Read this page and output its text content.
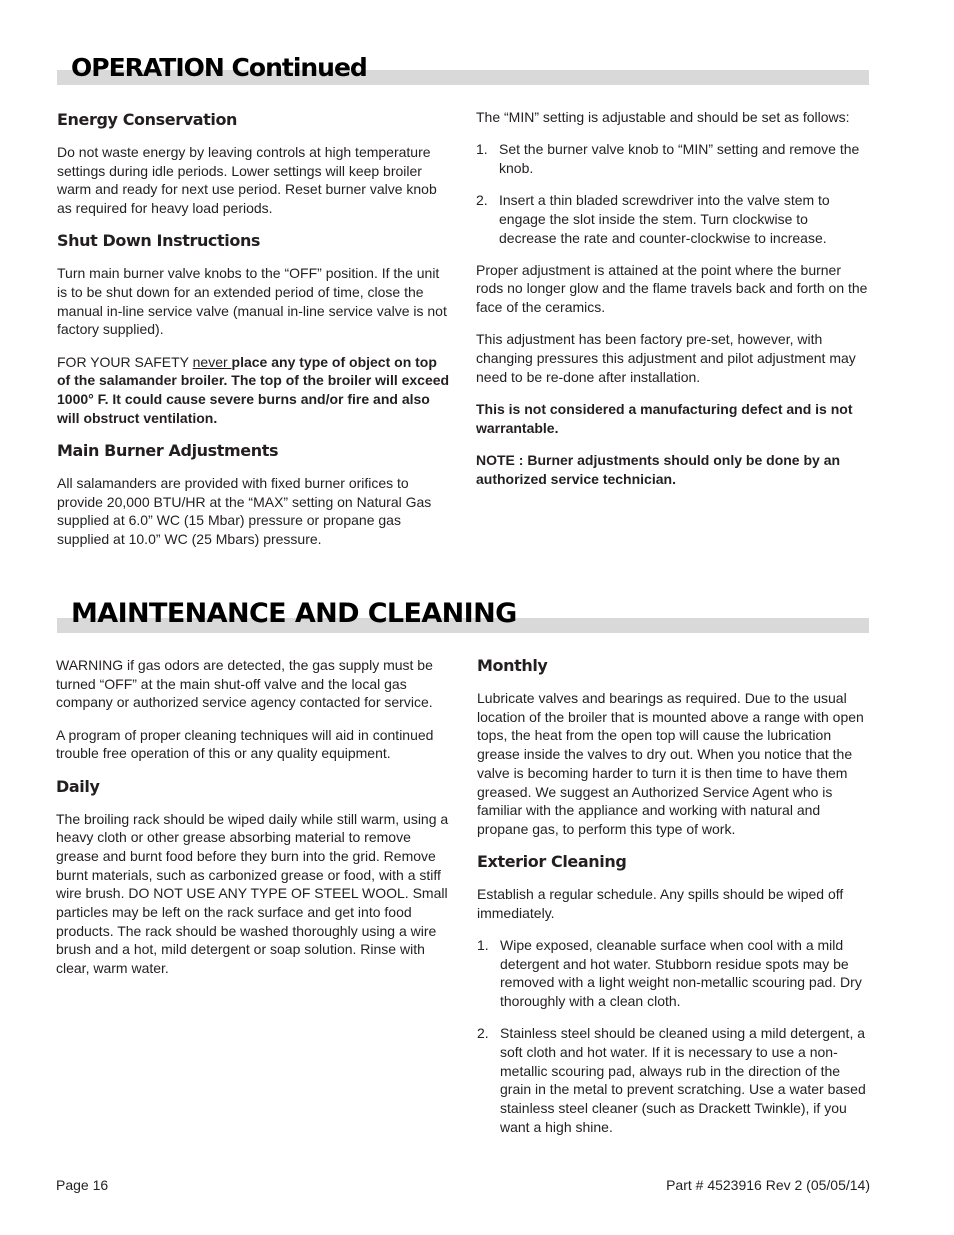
OPERATION Continued
Energy Conservation

Do not waste energy by leaving controls at high temperature settings during idle periods. Lower settings will keep broiler warm and ready for next use period. Reset burner valve knob as required for heavy load periods.

Shut Down Instructions

Turn main burner valve knobs to the “OFF” position. If the unit is to be shut down for an extended period of time, close the manual in-line service valve (manual in-line service valve is not factory supplied).

FOR YOUR SAFETY never place any type of object on top of the salamander broiler. The top of the broiler will exceed 1000° F. It could cause severe burns and/or fire and also will obstruct ventilation.

Main Burner Adjustments

All salamanders are provided with fixed burner orifices to provide 20,000 BTU/HR at the “MAX” setting on Natural Gas supplied at 6.0” WC (15 Mbar) pressure or propane gas supplied at 10.0” WC (25 Mbars) pressure.

The “MIN” setting is adjustable and should be set as follows:

1. Set the burner valve knob to “MIN” setting and remove the knob.
2. Insert a thin bladed screwdriver into the valve stem to engage the slot inside the stem. Turn clockwise to decrease the rate and counter-clockwise to increase.

Proper adjustment is attained at the point where the burner rods no longer glow and the flame travels back and forth on the face of the ceramics.

This adjustment has been factory pre-set, however, with changing pressures this adjustment and pilot adjustment may need to be re-done after installation.

This is not considered a manufacturing defect and is not warrantable.

NOTE : Burner adjustments should only be done by an authorized service technician.

MAINTENANCE AND CLEANING

WARNING if gas odors are detected, the gas supply must be turned “OFF” at the main shut-off valve and the local gas company or authorized service agency contacted for service.

A program of proper cleaning techniques will aid in continued trouble free operation of this or any quality equipment.

Daily

The broiling rack should be wiped daily while still warm, using a heavy cloth or other grease absorbing material to remove grease and burnt food before they burn into the grid. Remove burnt materials, such as carbonized grease or food, with a stiff wire brush. DO NOT USE ANY TYPE OF STEEL WOOL. Small particles may be left on the rack surface and get into food products. The rack should be washed thoroughly using a wire brush and a hot, mild detergent or soap solution. Rinse with clear, warm water.

Monthly

Lubricate valves and bearings as required. Due to the usual location of the broiler that is mounted above a range with open tops, the heat from the open top will cause the lubrication grease inside the valves to dry out. When you notice that the valve is becoming harder to turn it is then time to have them greased. We suggest an Authorized Service Agent who is familiar with the appliance and working with natural and propane gas, to perform this type of work.

Exterior Cleaning

Establish a regular schedule. Any spills should be wiped off immediately.

1. Wipe exposed, cleanable surface when cool with a mild detergent and hot water. Stubborn residue spots may be removed with a light weight non-metallic scouring pad. Dry thoroughly with a clean cloth.
2. Stainless steel should be cleaned using a mild detergent, a soft cloth and hot water. If it is necessary to use a non-metallic scouring pad, always rub in the direction of the grain in the metal to prevent scratching. Use a water based stainless steel cleaner (such as Drackett Twinkle), if you want a high shine.
Page 16	Part # 4523916 Rev 2 (05/05/14)
